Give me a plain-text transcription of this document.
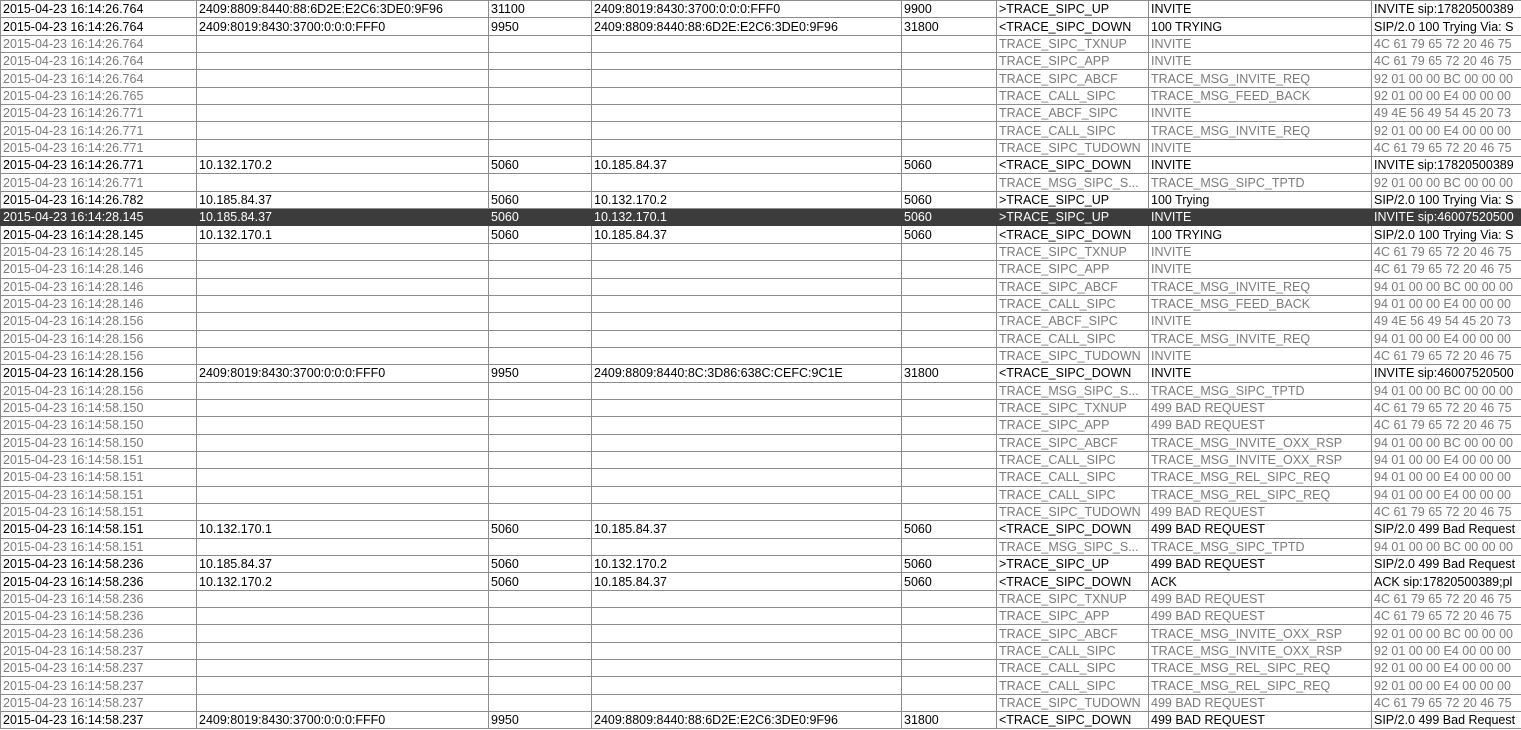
2015-04-23 16:14:26.764	2409:8809:8440:88:6D2E:E2C6:3DE0:9F96	31100	2409:8019:8430:3700:0:0:0:FFF0	9900	>TRACE_SIPC_UP	INVITE	INVITE sip:17820500389
2015-04-23 16:14:26.764	2409:8019:8430:3700:0:0:0:FFF0	9950	2409:8809:8440:88:6D2E:E2C6:3DE0:9F96	31800	<TRACE_SIPC_DOWN	100 TRYING	SIP/2.0 100 Trying Via: S
2015-04-23 16:14:26.764					TRACE_SIPC_TXNUP	INVITE	4C 61 79 65 72 20 46 75
2015-04-23 16:14:26.764					TRACE_SIPC_APP	INVITE	4C 61 79 65 72 20 46 75
2015-04-23 16:14:26.764					TRACE_SIPC_ABCF	TRACE_MSG_INVITE_REQ	92 01 00 00 BC 00 00 00
2015-04-23 16:14:26.765					TRACE_CALL_SIPC	TRACE_MSG_FEED_BACK	92 01 00 00 E4 00 00 00
2015-04-23 16:14:26.771					TRACE_ABCF_SIPC	INVITE	49 4E 56 49 54 45 20 73
2015-04-23 16:14:26.771					TRACE_CALL_SIPC	TRACE_MSG_INVITE_REQ	92 01 00 00 E4 00 00 00
2015-04-23 16:14:26.771					TRACE_SIPC_TUDOWN	INVITE	4C 61 79 65 72 20 46 75
2015-04-23 16:14:26.771	10.132.170.2	5060	10.185.84.37	5060	<TRACE_SIPC_DOWN	INVITE	INVITE sip:17820500389
2015-04-23 16:14:26.771					TRACE_MSG_SIPC_S...	TRACE_MSG_SIPC_TPTD	92 01 00 00 BC 00 00 00
2015-04-23 16:14:26.782	10.185.84.37	5060	10.132.170.2	5060	>TRACE_SIPC_UP	100 Trying	SIP/2.0 100 Trying Via: S
2015-04-23 16:14:28.145	10.185.84.37	5060	10.132.170.1	5060	>TRACE_SIPC_UP	INVITE	INVITE sip:46007520500
2015-04-23 16:14:28.145	10.132.170.1	5060	10.185.84.37	5060	<TRACE_SIPC_DOWN	100 TRYING	SIP/2.0 100 Trying Via: S
2015-04-23 16:14:28.145					TRACE_SIPC_TXNUP	INVITE	4C 61 79 65 72 20 46 75
2015-04-23 16:14:28.146					TRACE_SIPC_APP	INVITE	4C 61 79 65 72 20 46 75
2015-04-23 16:14:28.146					TRACE_SIPC_ABCF	TRACE_MSG_INVITE_REQ	94 01 00 00 BC 00 00 00
2015-04-23 16:14:28.146					TRACE_CALL_SIPC	TRACE_MSG_FEED_BACK	94 01 00 00 E4 00 00 00
2015-04-23 16:14:28.156					TRACE_ABCF_SIPC	INVITE	49 4E 56 49 54 45 20 73
2015-04-23 16:14:28.156					TRACE_CALL_SIPC	TRACE_MSG_INVITE_REQ	94 01 00 00 E4 00 00 00
2015-04-23 16:14:28.156					TRACE_SIPC_TUDOWN	INVITE	4C 61 79 65 72 20 46 75
2015-04-23 16:14:28.156	2409:8019:8430:3700:0:0:0:FFF0	9950	2409:8809:8440:8C:3D86:638C:CEFC:9C1E	31800	<TRACE_SIPC_DOWN	INVITE	INVITE sip:46007520500
2015-04-23 16:14:28.156					TRACE_MSG_SIPC_S...	TRACE_MSG_SIPC_TPTD	94 01 00 00 BC 00 00 00
2015-04-23 16:14:58.150					TRACE_SIPC_TXNUP	499 BAD REQUEST	4C 61 79 65 72 20 46 75
2015-04-23 16:14:58.150					TRACE_SIPC_APP	499 BAD REQUEST	4C 61 79 65 72 20 46 75
2015-04-23 16:14:58.150					TRACE_SIPC_ABCF	TRACE_MSG_INVITE_OXX_RSP	94 01 00 00 BC 00 00 00
2015-04-23 16:14:58.151					TRACE_CALL_SIPC	TRACE_MSG_INVITE_OXX_RSP	94 01 00 00 E4 00 00 00
2015-04-23 16:14:58.151					TRACE_CALL_SIPC	TRACE_MSG_REL_SIPC_REQ	94 01 00 00 E4 00 00 00
2015-04-23 16:14:58.151					TRACE_CALL_SIPC	TRACE_MSG_REL_SIPC_REQ	94 01 00 00 E4 00 00 00
2015-04-23 16:14:58.151					TRACE_SIPC_TUDOWN	499 BAD REQUEST	4C 61 79 65 72 20 46 75
2015-04-23 16:14:58.151	10.132.170.1	5060	10.185.84.37	5060	<TRACE_SIPC_DOWN	499 BAD REQUEST	SIP/2.0 499 Bad Request
2015-04-23 16:14:58.151					TRACE_MSG_SIPC_S...	TRACE_MSG_SIPC_TPTD	94 01 00 00 BC 00 00 00
2015-04-23 16:14:58.236	10.185.84.37	5060	10.132.170.2	5060	>TRACE_SIPC_UP	499 BAD REQUEST	SIP/2.0 499 Bad Request
2015-04-23 16:14:58.236	10.132.170.2	5060	10.185.84.37	5060	<TRACE_SIPC_DOWN	ACK	ACK sip:17820500389;pl
2015-04-23 16:14:58.236					TRACE_SIPC_TXNUP	499 BAD REQUEST	4C 61 79 65 72 20 46 75
2015-04-23 16:14:58.236					TRACE_SIPC_APP	499 BAD REQUEST	4C 61 79 65 72 20 46 75
2015-04-23 16:14:58.236					TRACE_SIPC_ABCF	TRACE_MSG_INVITE_OXX_RSP	92 01 00 00 BC 00 00 00
2015-04-23 16:14:58.237					TRACE_CALL_SIPC	TRACE_MSG_INVITE_OXX_RSP	92 01 00 00 E4 00 00 00
2015-04-23 16:14:58.237					TRACE_CALL_SIPC	TRACE_MSG_REL_SIPC_REQ	92 01 00 00 E4 00 00 00
2015-04-23 16:14:58.237					TRACE_CALL_SIPC	TRACE_MSG_REL_SIPC_REQ	92 01 00 00 E4 00 00 00
2015-04-23 16:14:58.237					TRACE_SIPC_TUDOWN	499 BAD REQUEST	4C 61 79 65 72 20 46 75
2015-04-23 16:14:58.237	2409:8019:8430:3700:0:0:0:FFF0	9950	2409:8809:8440:88:6D2E:E2C6:3DE0:9F96	31800	<TRACE_SIPC_DOWN	499 BAD REQUEST	SIP/2.0 499 Bad Request
